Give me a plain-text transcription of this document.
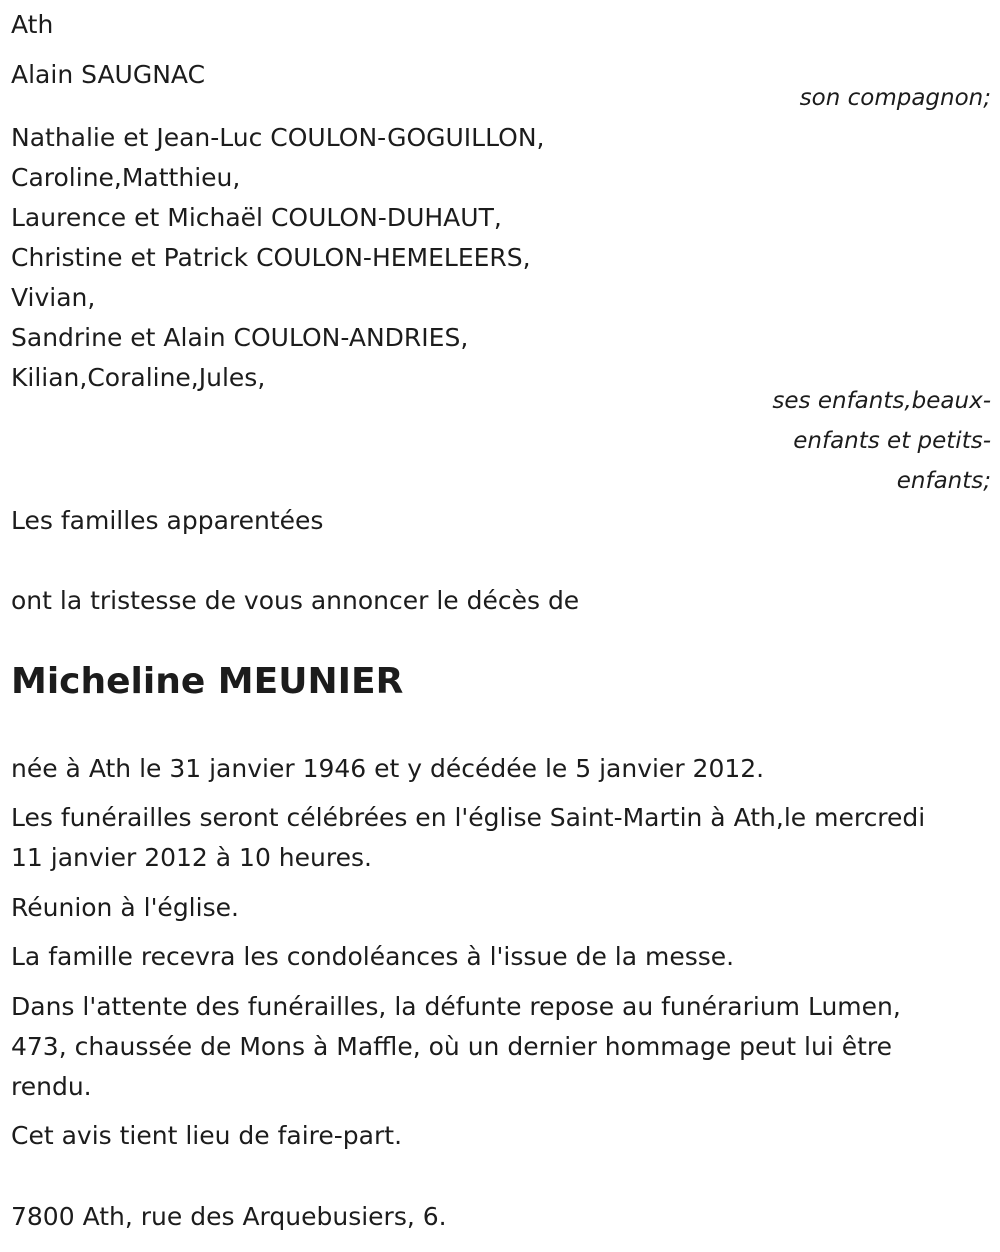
Ath
Alain SAUGNAC
son compagnon;
Nathalie et Jean-Luc COULON-GOGUILLON,
Caroline,Matthieu,
Laurence et Michaël COULON-DUHAUT,
Christine et Patrick COULON-HEMELEERS,
Vivian,
Sandrine et Alain COULON-ANDRIES,
Kilian,Coraline,Jules,
ses enfants,beaux-
enfants et petits-
enfants;
Les familles apparentées
ont la tristesse de vous annoncer le décès de
Micheline MEUNIER
née à Ath le 31 janvier 1946 et y décédée le 5 janvier 2012.
Les funérailles seront célébrées en l'église Saint-Martin à Ath,le mercredi
11 janvier 2012 à 10 heures.
Réunion à l'église.
La famille recevra les condoléances à l'issue de la messe.
Dans l'attente des funérailles, la défunte repose au funérarium Lumen,
473, chaussée de Mons à Maffle, où un dernier hommage peut lui être
rendu.
Cet avis tient lieu de faire-part.
7800 Ath, rue des Arquebusiers, 6.
